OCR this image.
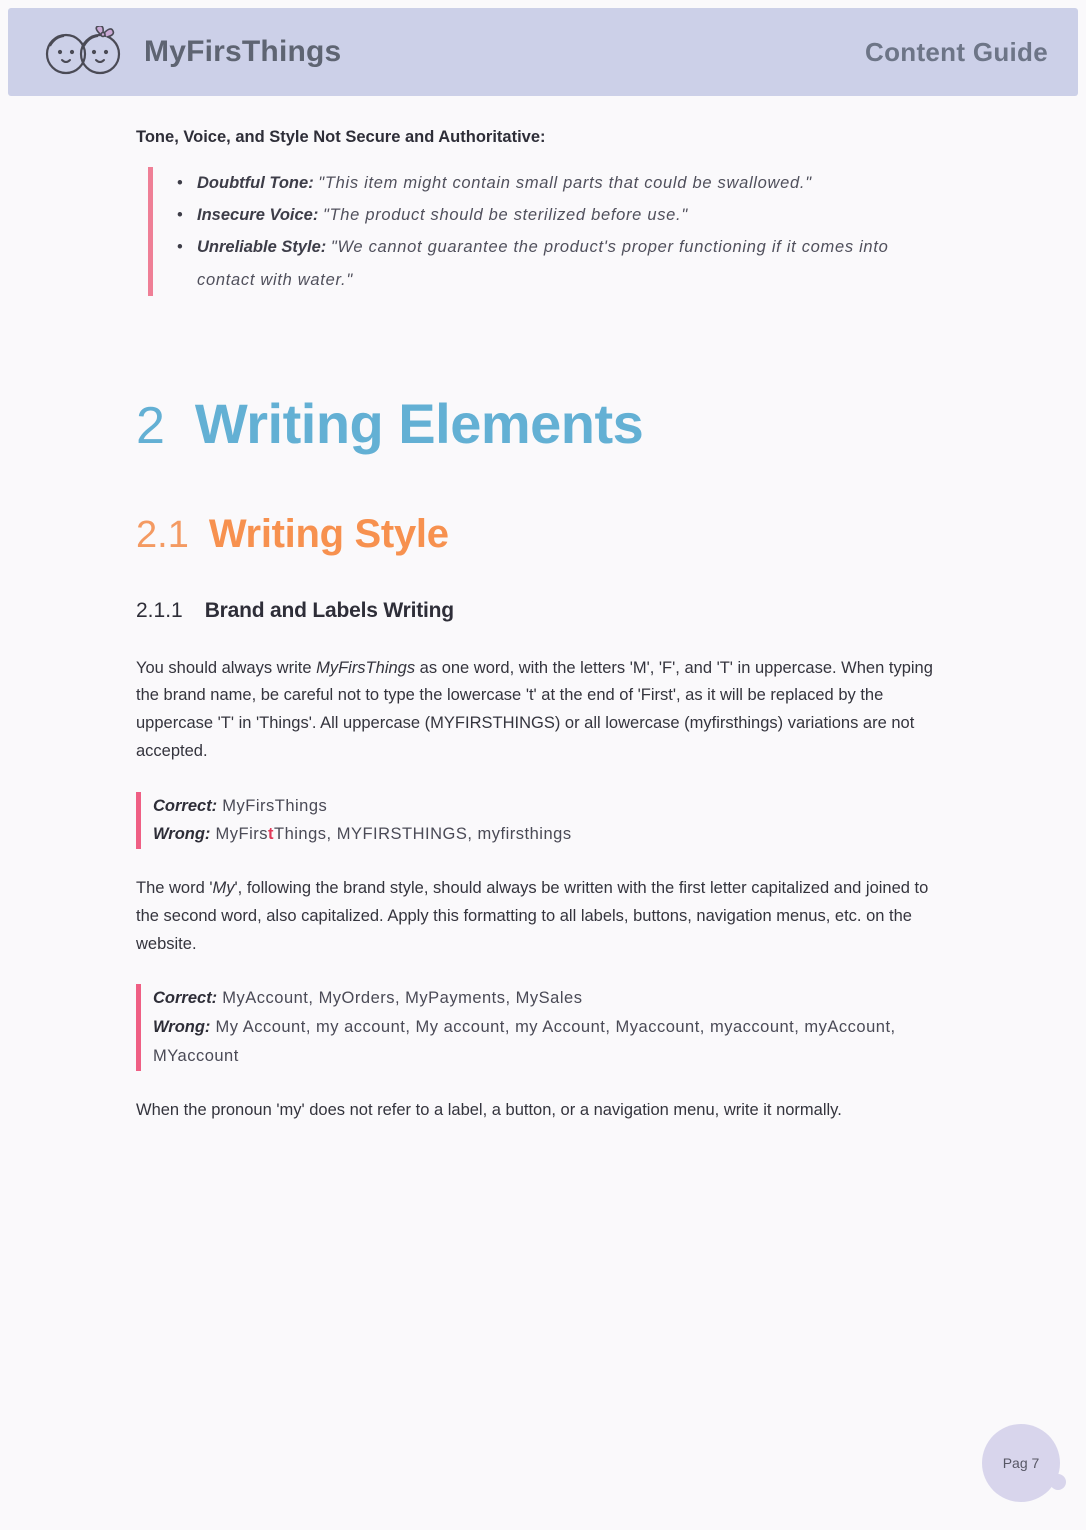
MyFirsThings	Content Guide
Tone, Voice, and Style Not Secure and Authoritative:
• Doubtful Tone: "This item might contain small parts that could be swallowed."
• Insecure Voice: "The product should be sterilized before use."
• Unreliable Style: "We cannot guarantee the product's proper functioning if it comes into contact with water."
2 Writing Elements
2.1 Writing Style
2.1.1 Brand and Labels Writing

You should always write MyFirsThings as one word, with the letters 'M', 'F', and 'T' in uppercase. When typing the brand name, be careful not to type the lowercase 't' at the end of 'First', as it will be replaced by the uppercase 'T' in 'Things'. All uppercase (MYFIRSTHINGS) or all lowercase (myfirsthings) variations are not accepted.

Correct: MyFirsThings
Wrong: MyFirstThings, MYFIRSTHINGS, myfirsthings

The word 'My', following the brand style, should always be written with the first letter capitalized and joined to the second word, also capitalized. Apply this formatting to all labels, buttons, navigation menus, etc. on the website.

Correct: MyAccount, MyOrders, MyPayments, MySales
Wrong: My Account, my account, My account, my Account, Myaccount, myaccount, myAccount, MYaccount

When the pronoun 'my' does not refer to a label, a button, or a navigation menu, write it normally.

Pag 7
